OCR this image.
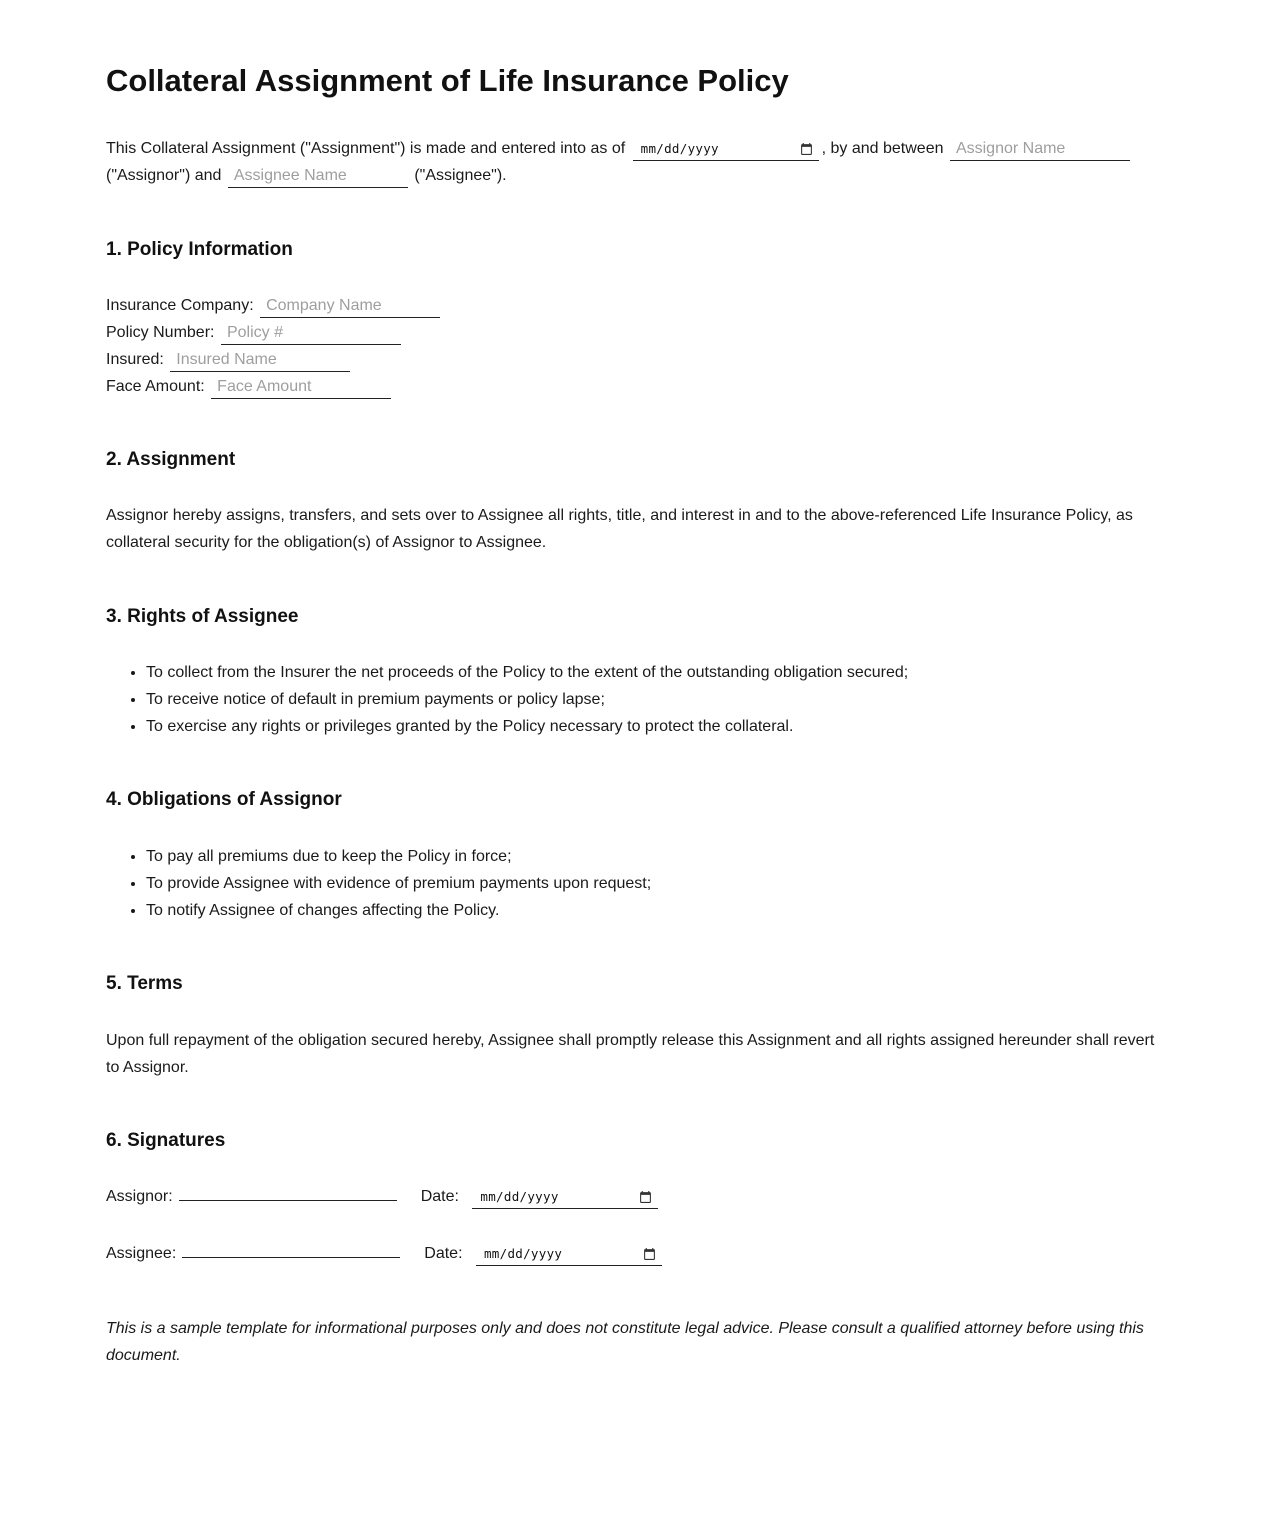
Collateral Assignment of Life Insurance Policy

This Collateral Assignment ("Assignment") is made and entered into as of mm/dd/yyyy	, by and between Assignor Name ("Assignor") and Assignee Name	("Assignee").

1. Policy Information
Insurance Company: Company Name
Policy Number: Policy #
Insured: Insured Name
Face Amount: Face Amount
2. Assignment

Assignor hereby assigns, transfers, and sets over to Assignee all rights, title, and interest in and to the above-referenced Life Insurance Policy, as collateral security for the obligation(s) of Assignor to Assignee.

3. Rights of Assignee
• To collect from the Insurer the net proceeds of the Policy to the extent of the outstanding obligation secured;
• To receive notice of default in premium payments or policy lapse;
• To exercise any rights or privileges granted by the Policy necessary to protect the collateral.
4. Obligations of Assignor
• To pay all premiums due to keep the Policy in force;
• To provide Assignee with evidence of premium payments upon request;
• To notify Assignee of changes affecting the Policy.
5. Terms

Upon full repayment of the obligation secured hereby, Assignee shall promptly release this Assignment and all rights assigned hereunder shall revert to Assignor.

6. Signatures
Assignor:	Date: mm/dd/yyyy
Assignee:	Date: mm/dd/yyyy

This is a sample template for informational purposes only and does not constitute legal advice. Please consult a qualified attorney before using this document.
